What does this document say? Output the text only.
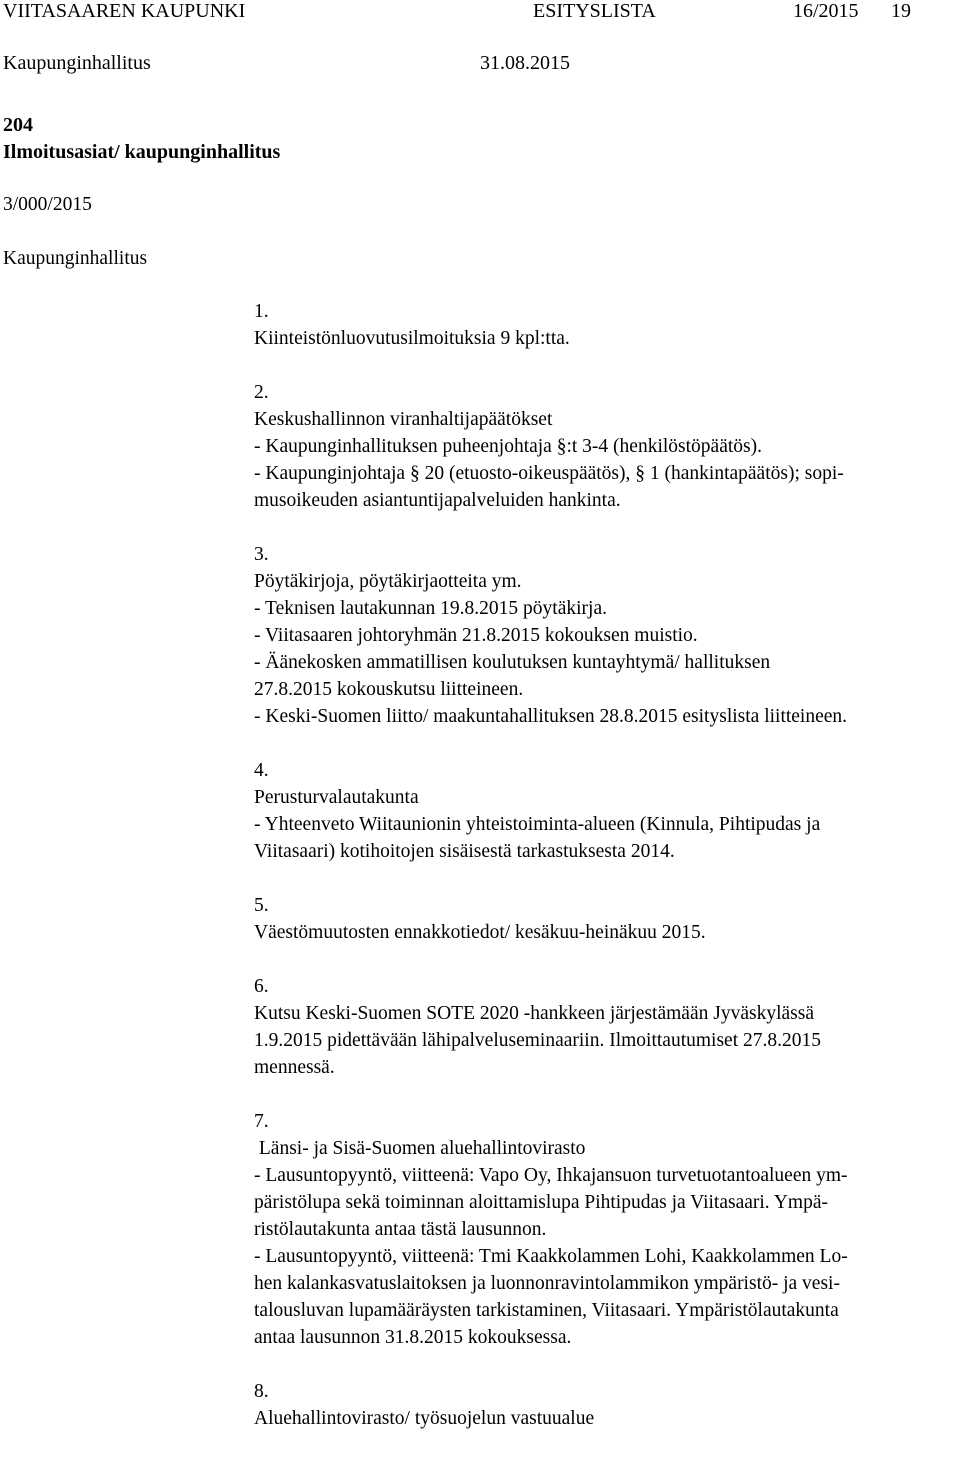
VIITASAAREN KAUPUNKI	ESITYSLISTA	16/2015 19
Kaupunginhallitus	31.08.2015
204
Ilmoitusasiat/ kaupunginhallitus
3/000/2015
Kaupunginhallitus
1.
Kiinteistönluovutusilmoituksia 9 kpl:tta.
2.
Keskushallinnon viranhaltijapäätökset
- Kaupunginhallituksen puheenjohtaja §:t 3-4 (henkilöstöpäätös).
- Kaupunginjohtaja § 20 (etuosto-oikeuspäätös), § 1 (hankintapäätös); sopi-
musoikeuden asiantuntijapalveluiden hankinta.
3.
Pöytäkirjoja, pöytäkirjaotteita ym.
- Teknisen lautakunnan 19.8.2015 pöytäkirja.
- Viitasaaren johtoryhmän 21.8.2015 kokouksen muistio.
- Äänekosken ammatillisen koulutuksen kuntayhtymä/ hallituksen
27.8.2015 kokouskutsu liitteineen.
- Keski-Suomen liitto/ maakuntahallituksen 28.8.2015 esityslista liitteineen.
4.
Perusturvalautakunta
- Yhteenveto Wiitaunionin yhteistoiminta-alueen (Kinnula, Pihtipudas ja
Viitasaari) kotihoitojen sisäisestä tarkastuksesta 2014.
5.
Väestömuutosten ennakkotiedot/ kesäkuu-heinäkuu 2015.
6.
Kutsu Keski-Suomen SOTE 2020 -hankkeen järjestämään Jyväskylässä
1.9.2015 pidettävään lähipalveluseminaariin. Ilmoittautumiset 27.8.2015
mennessä.
7.
Länsi- ja Sisä-Suomen aluehallintovirasto
- Lausuntopyyntö, viitteenä: Vapo Oy, Ihkajansuon turvetuotantoalueen ym-
päristölupa sekä toiminnan aloittamislupa Pihtipudas ja Viitasaari. Ympä-
ristölautakunta antaa tästä lausunnon.
- Lausuntopyyntö, viitteenä: Tmi Kaakkolammen Lohi, Kaakkolammen Lo-
hen kalankasvatuslaitoksen ja luonnonravintolammikon ympäristö- ja vesi-
talousluvan lupamääräysten tarkistaminen, Viitasaari. Ympäristölautakunta
antaa lausunnon 31.8.2015 kokouksessa.
8.
Aluehallintovirasto/ työsuojelun vastuualue
